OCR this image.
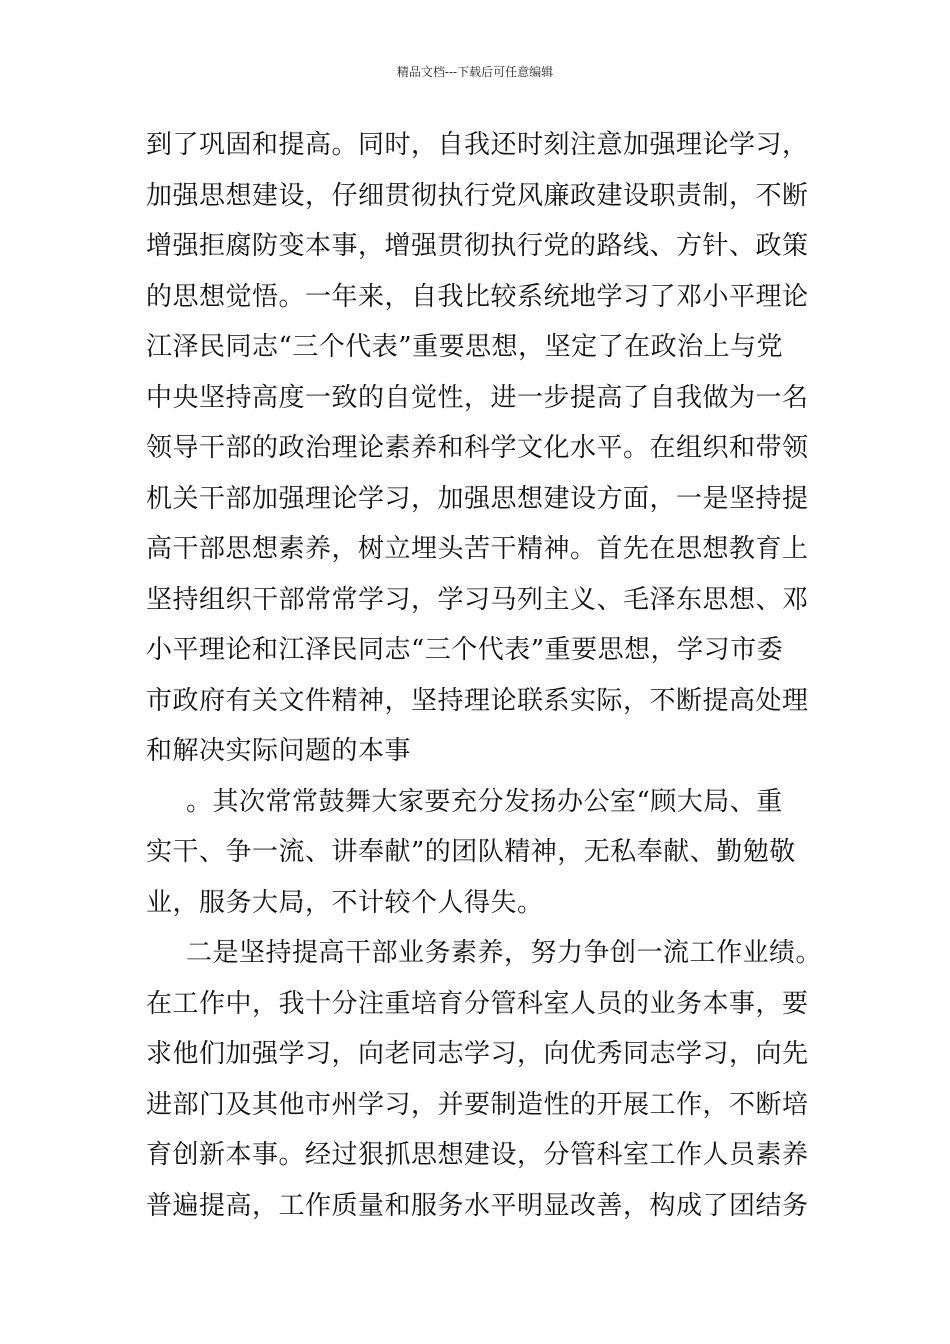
精品文档---下载后可任意编辑
到了巩固和提高。同时，自我还时刻注意加强理论学习，
加强思想建设，仔细贯彻执行党风廉政建设职责制，不断
增强拒腐防变本事，增强贯彻执行党的路线、方针、政策
的思想觉悟。一年来，自我比较系统地学习了邓小平理论
江泽民同志“三个代表”重要思想，坚定了在政治上与党
中央坚持高度一致的自觉性，进一步提高了自我做为一名
领导干部的政治理论素养和科学文化水平。在组织和带领
机关干部加强理论学习，加强思想建设方面，一是坚持提
高干部思想素养，树立埋头苦干精神。首先在思想教育上
坚持组织干部常常学习，学习马列主义、毛泽东思想、邓
小平理论和江泽民同志“三个代表”重要思想，学习市委
市政府有关文件精神，坚持理论联系实际，不断提高处理
和解决实际问题的本事
。其次常常鼓舞大家要充分发扬办公室“顾大局、重
实干、争一流、讲奉献”的团队精神，无私奉献、勤勉敬
业，服务大局，不计较个人得失。
二是坚持提高干部业务素养，努力争创一流工作业绩。
在工作中，我十分注重培育分管科室人员的业务本事，要
求他们加强学习，向老同志学习，向优秀同志学习，向先
进部门及其他市州学习，并要制造性的开展工作，不断培
育创新本事。经过狠抓思想建设，分管科室工作人员素养
普遍提高，工作质量和服务水平明显改善，构成了团结务
